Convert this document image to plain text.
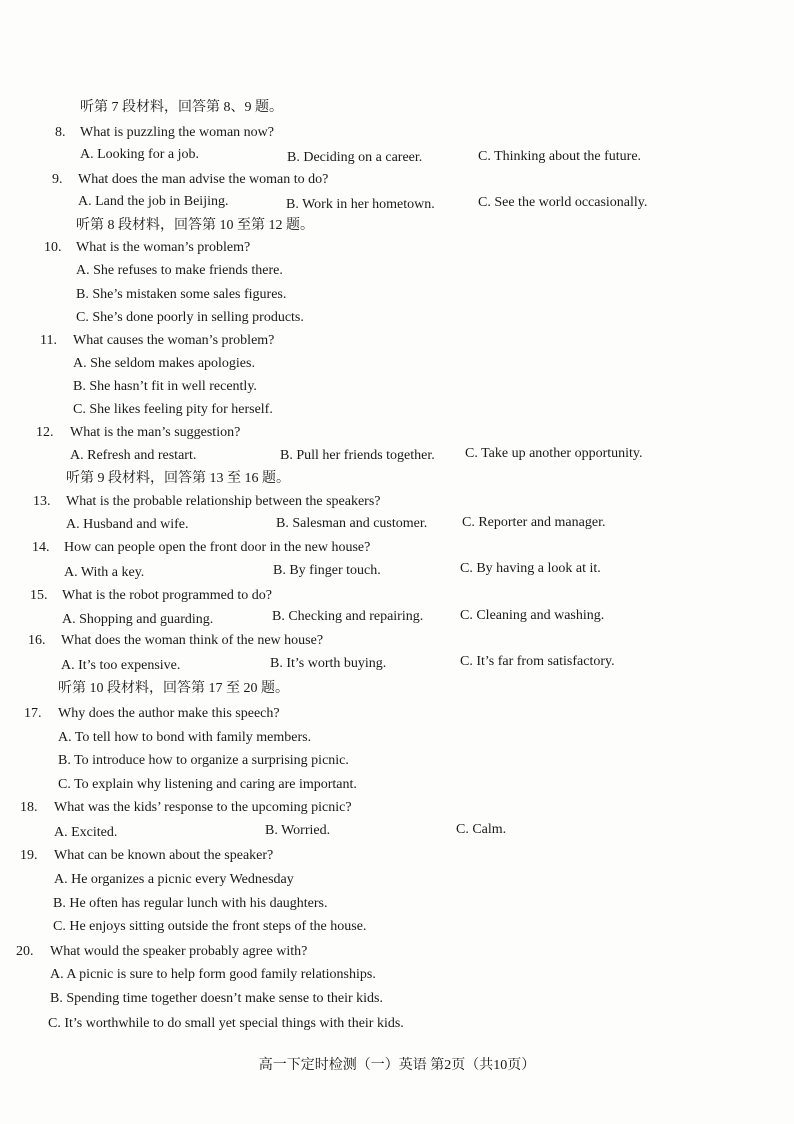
听第 7 段材料，回答第 8、9 题。
8. What is puzzling the woman now?
A. Looking for a job.	B. Deciding on a career.	C. Thinking about the future.
9. What does the man advise the woman to do?
A. Land the job in Beijing.	B. Work in her hometown.	C. See the world occasionally.
听第 8 段材料，回答第 10 至第 12 题。
10. What is the woman’s problem?
A. She refuses to make friends there.
B. She’s mistaken some sales figures.
C. She’s done poorly in selling products.
11. What causes the woman’s problem?
A. She seldom makes apologies.
B. She hasn’t fit in well recently.
C. She likes feeling pity for herself.
12. What is the man’s suggestion?
A. Refresh and restart.	B. Pull her friends together. C. Take up another opportunity.
听第 9 段材料，回答第 13 至 16 题。
13. What is the probable relationship between the speakers?
A. Husband and wife.	B. Salesman and customer. C. Reporter and manager.
14. How can people open the front door in the new house?
A. With a key.	B. By finger touch.	C. By having a look at it.
15. What is the robot programmed to do?
A. Shopping and guarding.	B. Checking and repairing.	C. Cleaning and washing.
16. What does the woman think of the new house?
A. It’s too expensive.	B. It’s worth buying.	C. It’s far from satisfactory.
听第 10 段材料，回答第 17 至 20 题。
17. Why does the author make this speech?
A. To tell how to bond with family members.
B. To introduce how to organize a surprising picnic.
C. To explain why listening and caring are important.
18. What was the kids’ response to the upcoming picnic?
A. Excited.	B. Worried.	C. Calm.
19. What can be known about the speaker?
A. He organizes a picnic every Wednesday
B. He often has regular lunch with his daughters.
C. He enjoys sitting outside the front steps of the house.
20. What would the speaker probably agree with?
A. A picnic is sure to help form good family relationships.
B. Spending time together doesn’t make sense to their kids.
C. It’s worthwhile to do small yet special things with their kids.
高一下定时检测（一）英语 第2页（共10页）
